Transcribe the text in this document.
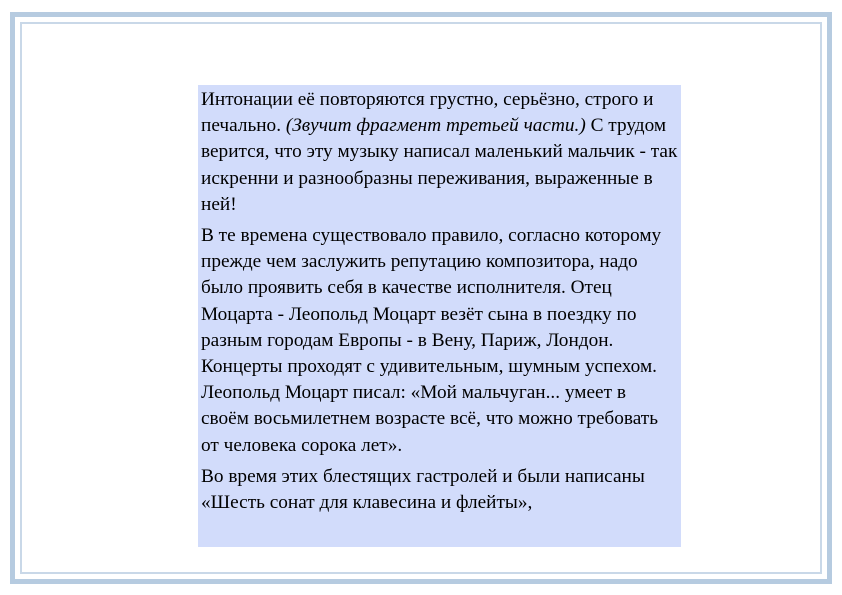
Интонации её повторяются грустно, серьёзно, строго и печально. (Звучит фрагмент третьей части.) С трудом верится, что эту музыку написал маленький мальчик - так искренни и разнообразны переживания, выраженные в ней!

В те времена существовало правило, согласно которому прежде чем заслужить репутацию композитора, надо было проявить себя в качестве исполнителя. Отец Моцарта - Леопольд Моцарт везёт сына в поездку по разным городам Европы - в Вену, Париж, Лондон. Концерты проходят с удивительным, шумным успехом. Леопольд Моцарт писал: «Мой мальчуган... умеет в своём восьмилетнем возрасте всё, что можно требовать от человека сорока лет».

Во время этих блестящих гастролей и были написаны «Шесть сонат для клавесина и флейты»,
